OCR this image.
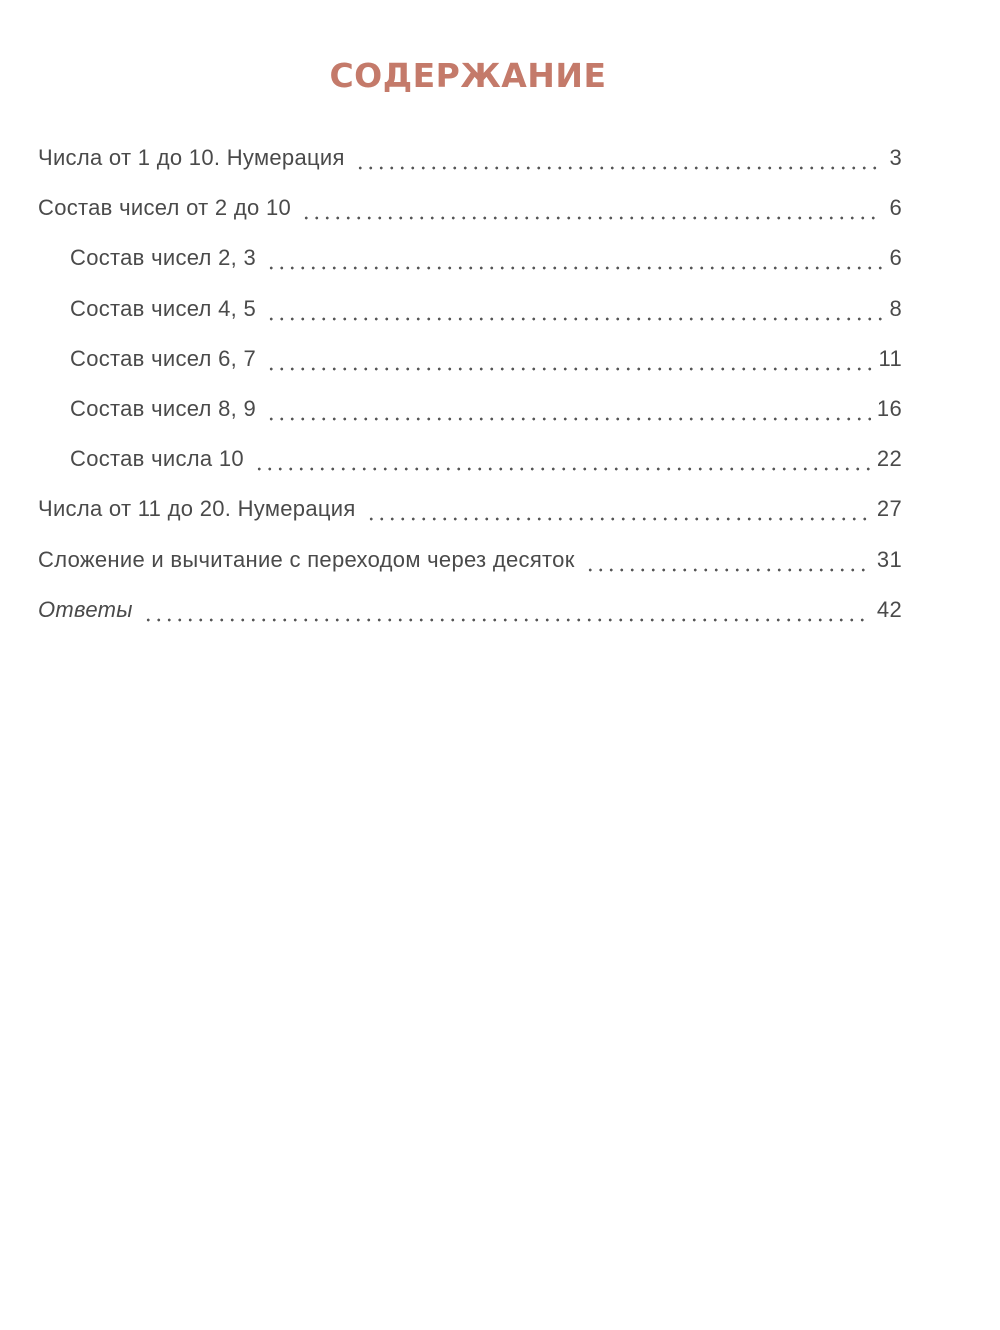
СОДЕРЖАНИЕ
Числа от 1 до 10. Нумерация	3
Состав чисел от 2 до 10	6
Состав чисел 2, 3	6
Состав чисел 4, 5	8
Состав чисел 6, 7	11
Состав чисел 8, 9	16
Состав числа 10	22
Числа от 11 до 20. Нумерация	27
Сложение и вычитание с переходом через десяток	31
Ответы	42
